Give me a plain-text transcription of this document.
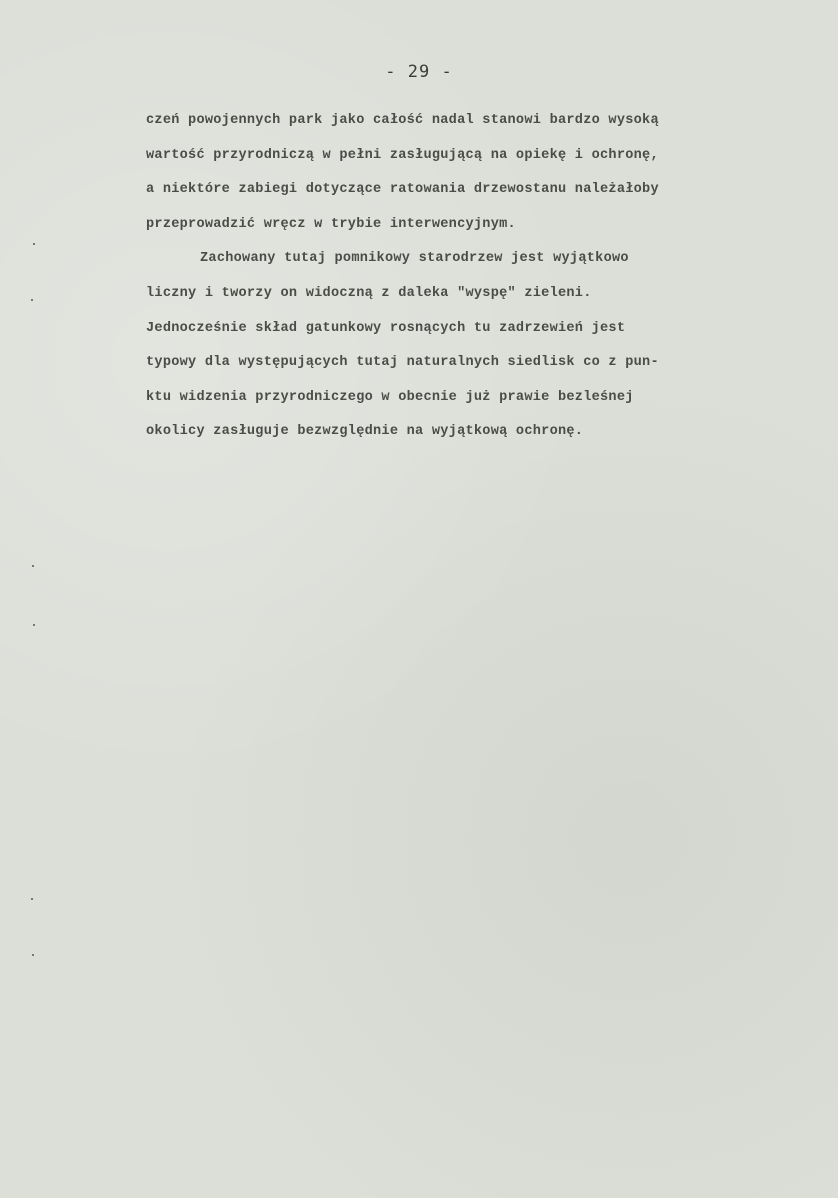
- 29 -
czeń powojennych park jako całość nadal stanowi bardzo wysoką
wartość przyrodniczą w pełni zasługującą na opiekę i ochronę,
a niektóre zabiegi dotyczące ratowania drzewostanu należałoby
przeprowadzić wręcz w trybie interwencyjnym.
Zachowany tutaj pomnikowy starodrzew jest wyjątkowo
liczny i tworzy on widoczną z daleka "wyspę" zieleni.
Jednocześnie skład gatunkowy rosnących tu zadrzewień jest
typowy dla występujących tutaj naturalnych siedlisk co z pun-
ktu widzenia przyrodniczego w obecnie już prawie bezleśnej
okolicy zasługuje bezwzględnie na wyjątkową ochronę.
